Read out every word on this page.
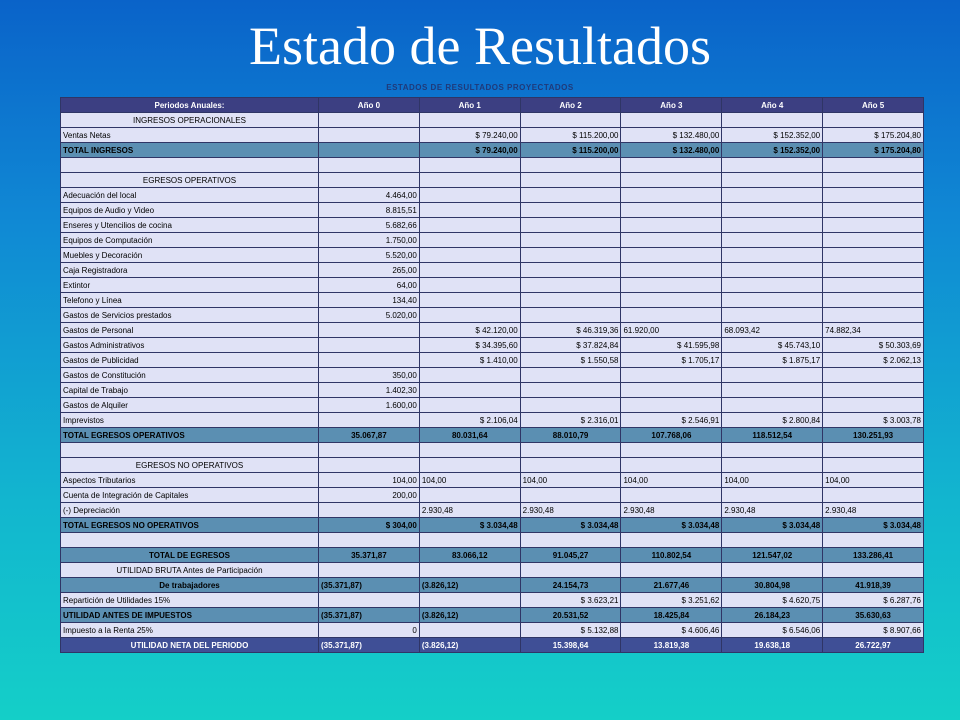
Estado de Resultados
ESTADOS DE RESULTADOS PROYECTADOS
Periodos Anuales:	Año 0	Año 1	Año 2	Año 3	Año 4	Año 5
INGRESOS OPERACIONALES						
Ventas Netas		$ 79.240,00	$ 115.200,00	$ 132.480,00	$ 152.352,00	$ 175.204,80
TOTAL INGRESOS		$ 79.240,00	$ 115.200,00	$ 132.480,00	$ 152.352,00	$ 175.204,80

EGRESOS OPERATIVOS						
Adecuación del local	4.464,00					
Equipos de Audio y Video	8.815,51					
Enseres y Utencilios de cocina	5.682,66					
Equipos de Computación	1.750,00					
Muebles y Decoración	5.520,00					
Caja Registradora	265,00					
Extintor	64,00					
Telefono y Línea	134,40					
Gastos de Servicios prestados	5.020,00					
Gastos de Personal		$ 42.120,00	$ 46.319,36	61.920,00	68.093,42	74.882,34
Gastos Administrativos		$ 34.395,60	$ 37.824,84	$ 41.595,98	$ 45.743,10	$ 50.303,69
Gastos de Publicidad		$ 1.410,00	$ 1.550,58	$ 1.705,17	$ 1.875,17	$ 2.062,13
Gastos de Constitución	350,00					
Capital de Trabajo	1.402,30					
Gastos de Alquiler	1.600,00					
Imprevistos		$ 2.106,04	$ 2.316,01	$ 2.546,91	$ 2.800,84	$ 3.003,78
TOTAL EGRESOS OPERATIVOS	35.067,87	80.031,64	88.010,79	107.768,06	118.512,54	130.251,93

EGRESOS NO OPERATIVOS						
Aspectos Tributarios	104,00	104,00	104,00	104,00	104,00	104,00
Cuenta de Integración de Capitales	200,00					
(-) Depreciación		2.930,48	2.930,48	2.930,48	2.930,48	2.930,48
TOTAL EGRESOS NO OPERATIVOS	$ 304,00	$ 3.034,48	$ 3.034,48	$ 3.034,48	$ 3.034,48	$ 3.034,48

TOTAL DE EGRESOS	35.371,87	83.066,12	91.045,27	110.802,54	121.547,02	133.286,41
UTILIDAD BRUTA Antes de Participación						
De trabajadores	(35.371,87)	(3.826,12)	24.154,73	21.677,46	30.804,98	41.918,39
Repartición de Utilidades 15%			$ 3.623,21	$ 3.251,62	$ 4.620,75	$ 6.287,76
UTILIDAD ANTES DE IMPUESTOS	(35.371,87)	(3.826,12)	20.531,52	18.425,84	26.184,23	35.630,63
Impuesto a la Renta 25%	0		$ 5.132,88	$ 4.606,46	$ 6.546,06	$ 8.907,66
UTILIDAD NETA DEL PERIODO	(35.371,87)	(3.826,12)	15.398,64	13.819,38	19.638,18	26.722,97
